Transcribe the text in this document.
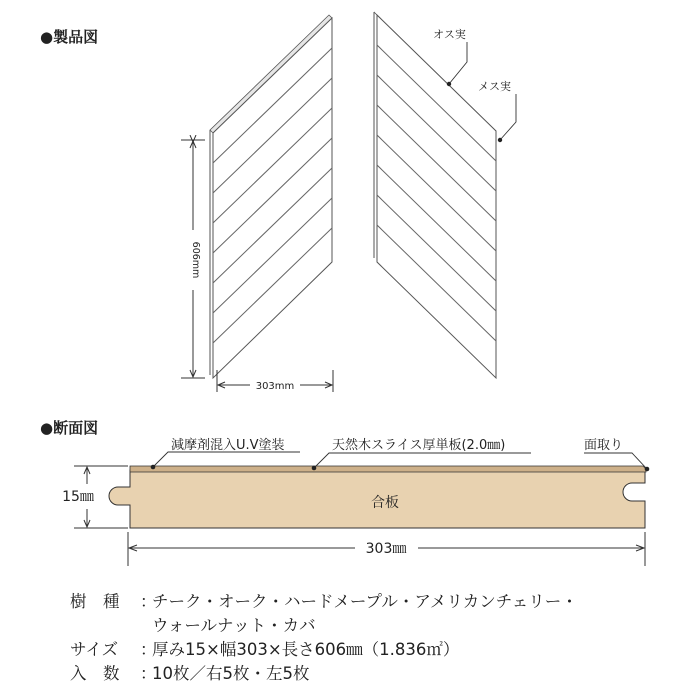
606mm
303mm
オス実
メス実
合板
減摩剤混入U.V塗装	天然木スライス厚単板(2.0㎜)	面取り
15㎜
303㎜
●製品図
●断面図
樹　種	：
チーク・オーク・ハードメープル・アメリカンチェリー・
ウォールナット・カバ
サイズ	：
厚み15×幅303×長さ606㎜（1.836㎡）
入　数	：
10枚／右5枚・左5枚
